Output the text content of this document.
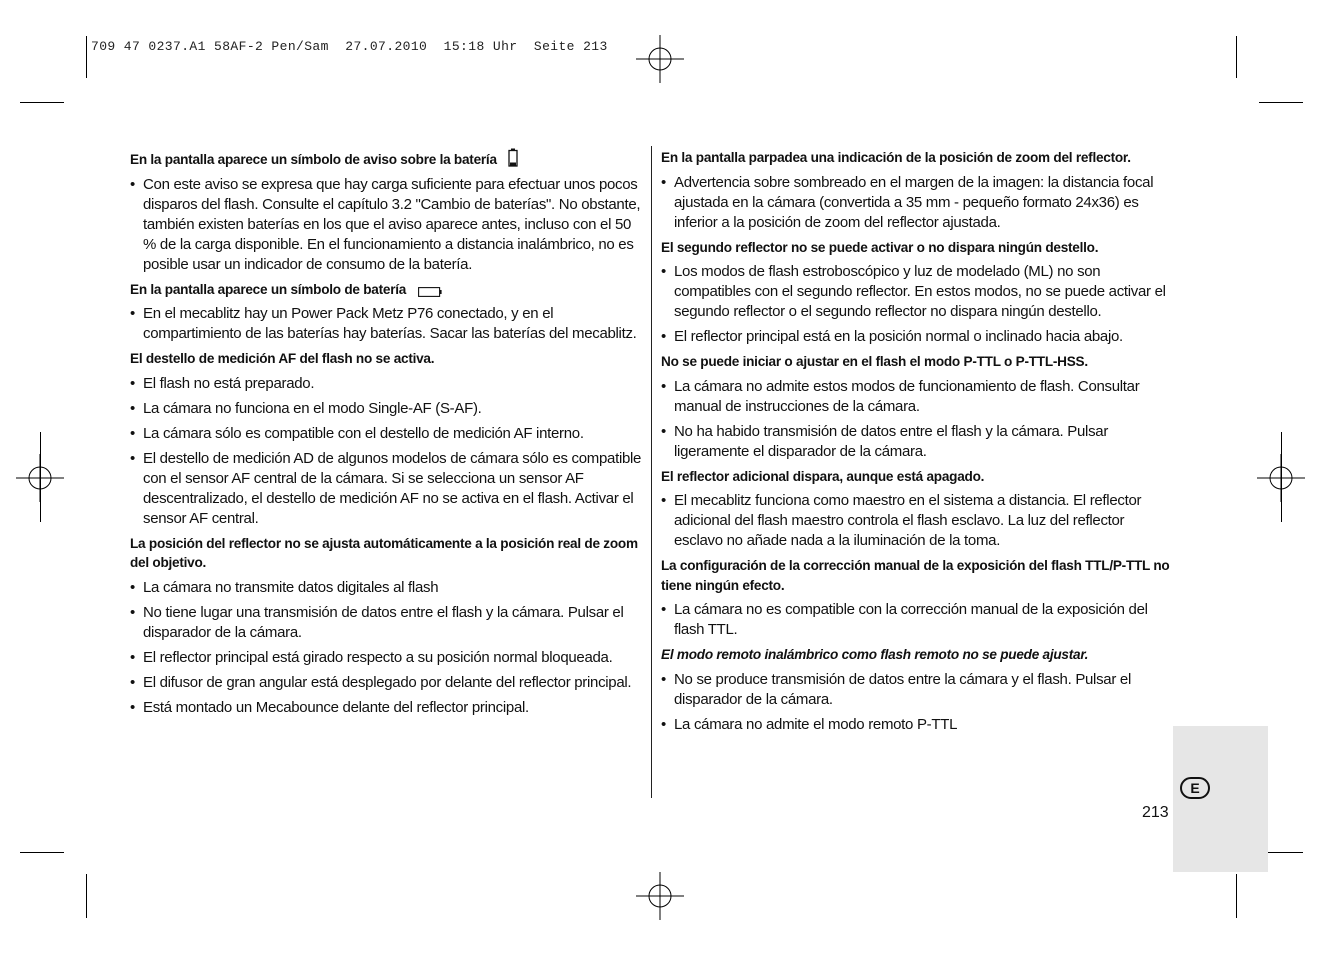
709 47 0237.A1 58AF-2 Pen/Sam  27.07.2010  15:18 Uhr  Seite 213
En la pantalla aparece un símbolo de aviso sobre la batería
• Con este aviso se expresa que hay carga suficiente para efectuar unos pocos disparos del flash. Consulte el capítulo 3.2 "Cambio de baterías". No obstante, también existen baterías en los que el aviso aparece antes, incluso con el 50 % de la carga disponible. En el funcionamiento a distancia inalámbrico, no es posible usar un indicador de consumo de la batería.
En la pantalla aparece un símbolo de batería
• En el mecablitz hay un Power Pack Metz P76 conectado, y en el compartimiento de las baterías hay baterías. Sacar las baterías del mecablitz.
El destello de medición AF del flash no se activa.
• El flash no está preparado.
• La cámara no funciona en el modo Single-AF (S-AF).
• La cámara sólo es compatible con el destello de medición AF interno.
• El destello de medición AD de algunos modelos de cámara sólo es compatible con el sensor AF central de la cámara. Si se selecciona un sensor AF descentralizado, el destello de medición AF no se activa en el flash. Activar el sensor AF central.
La posición del reflector no se ajusta automáticamente a la posición real de zoom del objetivo.
• La cámara no transmite datos digitales al flash
• No tiene lugar una transmisión de datos entre el flash y la cámara. Pulsar el disparador de la cámara.
• El reflector principal está girado respecto a su posición normal bloqueada.
• El difusor de gran angular está desplegado por delante del reflector principal.
• Está montado un Mecabounce delante del reflector principal.
En la pantalla parpadea una indicación de la posición de zoom del reflector.
• Advertencia sobre sombreado en el margen de la imagen: la distancia focal ajustada en la cámara (convertida a 35 mm - pequeño formato 24x36) es inferior a la posición de zoom del reflector ajustada.
El segundo reflector no se puede activar o no dispara ningún destello.
• Los modos de flash estroboscópico y luz de modelado (ML) no son compatibles con el segundo reflector. En estos modos, no se puede activar el segundo reflector o el segundo reflector no dispara ningún destello.
• El reflector principal está en la posición normal o inclinado hacia abajo.
No se puede iniciar o ajustar en el flash el modo P-TTL o P-TTL-HSS.
• La cámara no admite estos modos de funcionamiento de flash. Consultar manual de instrucciones de la cámara.
• No ha habido transmisión de datos entre el flash y la cámara. Pulsar ligeramente el disparador de la cámara.
El reflector adicional dispara, aunque está apagado.
• El mecablitz funciona como maestro en el sistema a distancia. El reflector adicional del flash maestro controla el flash esclavo. La luz del reflector esclavo no añade nada a la iluminación de la toma.
La configuración de la corrección manual de la exposición del flash TTL/P-TTL no tiene ningún efecto.
• La cámara no es compatible con la corrección manual de la exposición del flash TTL.
El modo remoto inalámbrico como flash remoto no se puede ajustar.
• No se produce transmisión de datos entre la cámara y el flash. Pulsar el disparador de la cámara.
• La cámara no admite el modo remoto P-TTL
E
213
